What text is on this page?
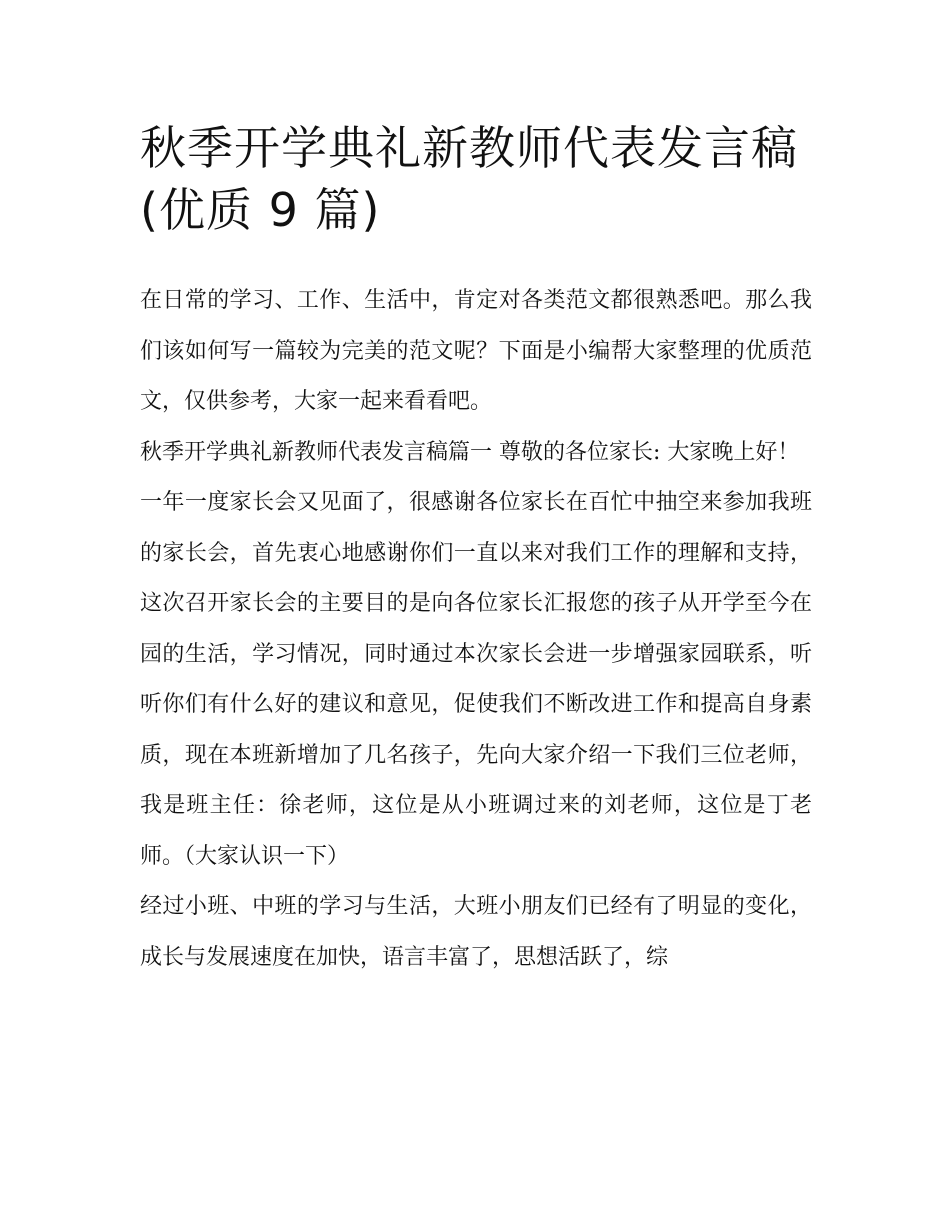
秋季开学典礼新教师代表发言稿(优质 9 篇)

在日常的学习、工作、生活中，肯定对各类范文都很熟悉吧。那么我们该如何写一篇较为完美的范文呢？下面是小编帮大家整理的优质范文，仅供参考，大家一起来看看吧。

秋季开学典礼新教师代表发言稿篇一 尊敬的各位家长: 大家晚上好！

一年一度家长会又见面了，很感谢各位家长在百忙中抽空来参加我班的家长会，首先衷心地感谢你们一直以来对我们工作的理解和支持，这次召开家长会的主要目的是向各位家长汇报您的孩子从开学至今在园的生活，学习情况，同时通过本次家长会进一步增强家园联系，听听你们有什么好的建议和意见，促使我们不断改进工作和提高自身素质，现在本班新增加了几名孩子，先向大家介绍一下我们三位老师，我是班主任：徐老师，这位是从小班调过来的刘老师，这位是丁老师。（大家认识一下）

经过小班、中班的学习与生活，大班小朋友们已经有了明显的变化，成长与发展速度在加快，语言丰富了，思想活跃了，综
